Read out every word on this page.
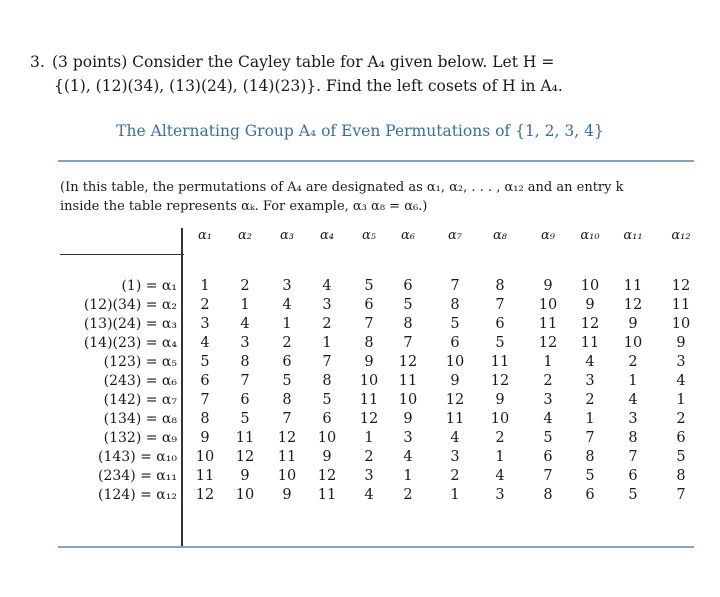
3. (3 points) Consider the Cayley table for A₄ given below. Let H =
{(1), (12)(34), (13)(24), (14)(23)}. Find the left cosets of H in A₄.
The Alternating Group A₄ of Even Permutations of {1, 2, 3, 4}
(In this table, the permutations of A₄ are designated as α₁, α₂, . . . , α₁₂ and an entry k
inside the table represents αₖ. For example, α₃ α₈ = α₆.)
α₁	α₂	α₃	α₄	α₅	α₆	α₇	α₈	α₉	α₁₀	α₁₁	α₁₂
(1) = α₁	1	2	3	4	5	6	7	8	9	10	11	12
(12)(34) = α₂	2	1	4	3	6	5	8	7	10	9	12	11
(13)(24) = α₃	3	4	1	2	7	8	5	6	11	12	9	10
(14)(23) = α₄	4	3	2	1	8	7	6	5	12	11	10	9
(123) = α₅	5	8	6	7	9	12	10	11	1	4	2	3
(243) = α₆	6	7	5	8	10	11	9	12	2	3	1	4
(142) = α₇	7	6	8	5	11	10	12	9	3	2	4	1
(134) = α₈	8	5	7	6	12	9	11	10	4	1	3	2
(132) = α₉	9	11	12	10	1	3	4	2	5	7	8	6
(143) = α₁₀	10	12	11	9	2	4	3	1	6	8	7	5
(234) = α₁₁	11	9	10	12	3	1	2	4	7	5	6	8
(124) = α₁₂	12	10	9	11	4	2	1	3	8	6	5	7
